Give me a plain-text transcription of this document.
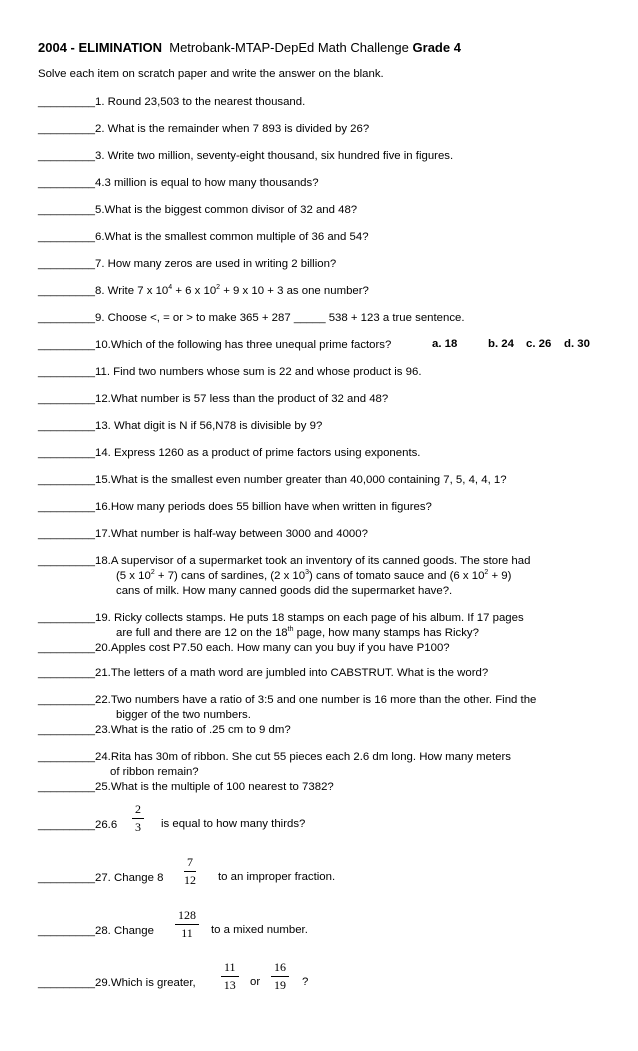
2004 - ELIMINATION Metrobank-MTAP-DepEd Math Challenge Grade 4
Solve each item on scratch paper and write the answer on the blank.
_________1. Round 23,503 to the nearest thousand.
_________2. What is the remainder when 7 893 is divided by 26?
_________3. Write two million, seventy-eight thousand, six hundred five in figures.
_________4.3 million is equal to how many thousands?
_________5.What is the biggest common divisor of 32 and 48?
_________6.What is the smallest common multiple of 36 and 54?
_________7. How many zeros are used in writing 2 billion?
_________8. Write 7 x $10^4 + 6$ x $10^2 + 9$ x 10 + 3 as one number?
_________9. Choose <, = or > to make 365 + 287 _____ 538 + 123 a true sentence.
_________10.Which of the following has three unequal prime factors?	a. 18	b. 24 c. 26 d. 30
_________11. Find two numbers whose sum is 22 and whose product is 96.
_________12.What number is 57 less than the product of 32 and 48?
_________13. What digit is N if 56,N78 is divisible by 9?
_________14. Express 1260 as a product of prime factors using exponents.
_________15.What is the smallest even number greater than 40,000 containing 7, 5, 4, 4, 1?
_________16.How many periods does 55 billion have when written in figures?
_________17.What number is half-way between 3000 and 4000?
_________18.A supervisor of a supermarket took an inventory of its canned goods. The store had
(5 x $10^2 + 7$) cans of sardines, (2 x $10^3$) cans of tomato sauce and (6 x $10^2 + 9$)
cans of milk. How many canned goods did the supermarket have?.
_________19. Ricky collects stamps. He puts 18 stamps on each page of his album. If 17 pages
are full and there are 12 on the 18th page, how many stamps has Ricky?
_________20.Apples cost P7.50 each. How many can you buy if you have P100?
_________21.The letters of a math word are jumbled into CABSTRUT. What is the word?
_________22.Two numbers have a ratio of 3:5 and one number is 16 more than the other. Find the
bigger of the two numbers.
_________23.What is the ratio of .25 cm to 9 dm?
_________24.Rita has 30m of ribbon. She cut 55 pieces each 2.6 dm long. How many meters
of ribbon remain?
_________25.What is the multiple of 100 nearest to 7382?
_________26.6 $\frac{2}{3}$ is equal to how many thirds?
_________27. Change $8 \frac{7}{12}$ to an improper fraction.
_________28. Change $\frac{128}{11}$ to a mixed number.
_________29.Which is greater, $\frac{11}{13}$ or $\frac{16}{19}$ ?
